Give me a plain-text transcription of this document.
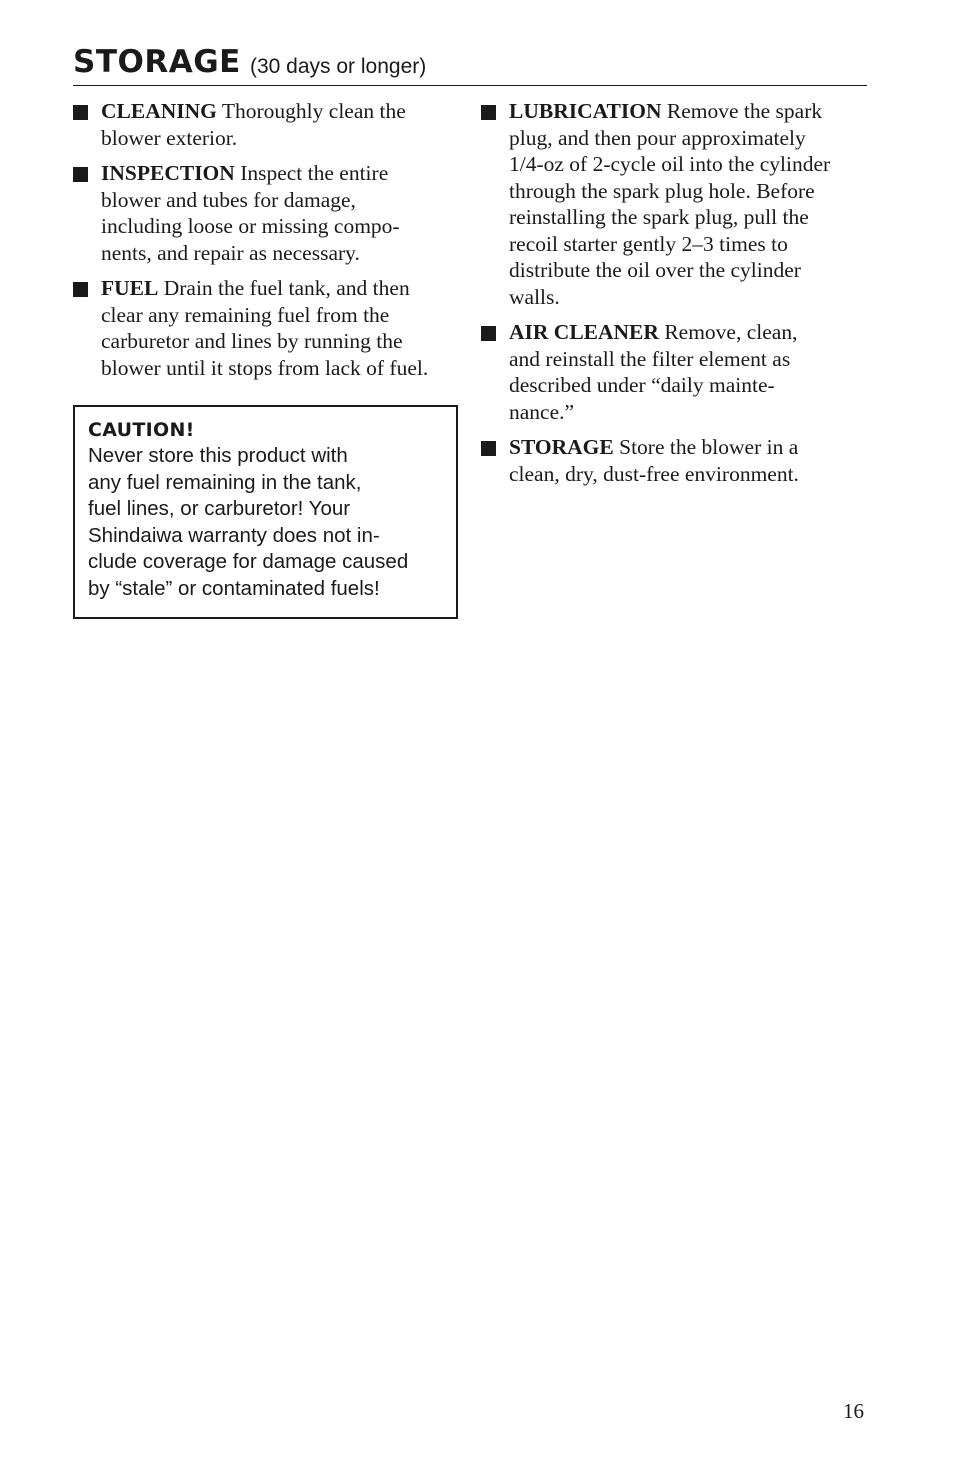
STORAGE (30 days or longer)
CLEANING Thoroughly clean the
blower exterior.
INSPECTION Inspect the entire
blower and tubes for damage,
including loose or missing compo-
nents, and repair as necessary.
FUEL Drain the fuel tank, and then
clear any remaining fuel from the
carburetor and lines by running the
blower until it stops from lack of fuel.
CAUTION!
Never store this product with
any fuel remaining in the tank,
fuel lines, or carburetor! Your
Shindaiwa warranty does not in-
clude coverage for damage caused
by “stale” or contaminated fuels!
LUBRICATION Remove the spark
plug, and then pour approximately
1/4-oz of 2-cycle oil into the cylinder
through the spark plug hole. Before
reinstalling the spark plug, pull the
recoil starter gently 2–3 times to
distribute the oil over the cylinder
walls.
AIR CLEANER Remove, clean,
and reinstall the filter element as
described under “daily mainte-
nance.”
STORAGE Store the blower in a
clean, dry, dust-free environment.
16
